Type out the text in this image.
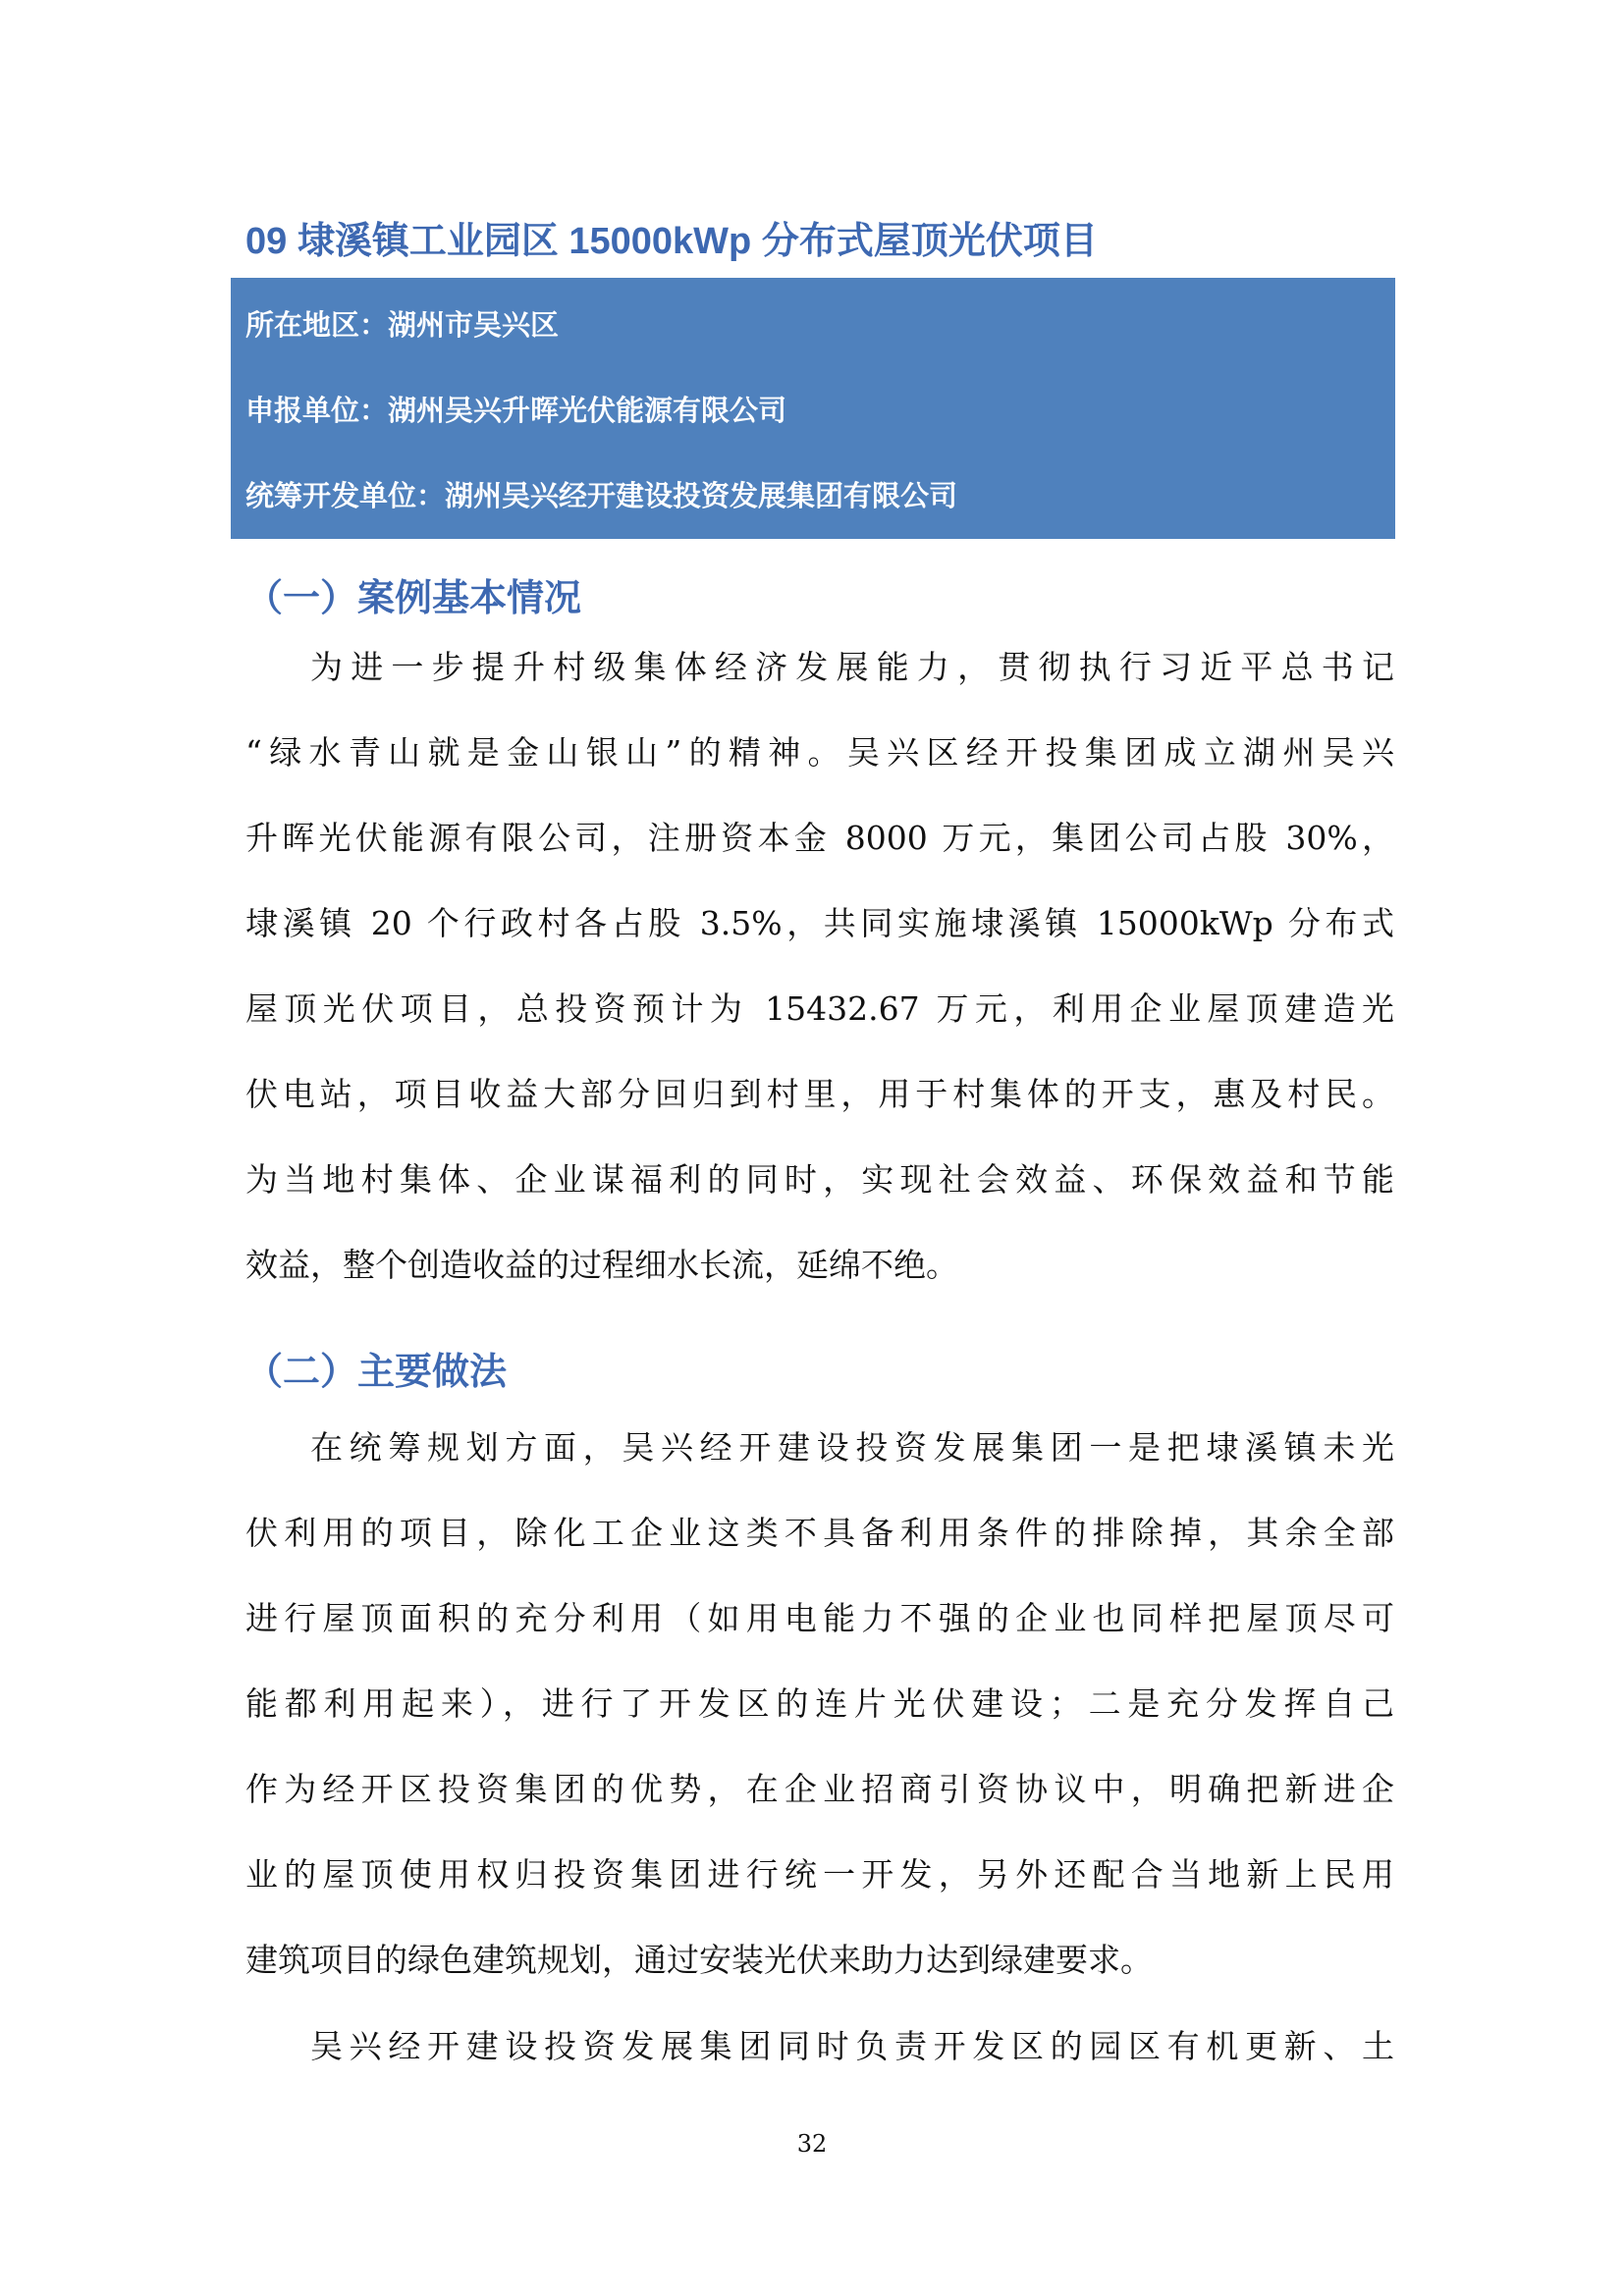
09 埭溪镇工业园区 15000kWp 分布式屋顶光伏项目
所在地区：湖州市吴兴区
申报单位：湖州吴兴升晖光伏能源有限公司
统筹开发单位：湖州吴兴经开建设投资发展集团有限公司
（一）案例基本情况
为进一步提升村级集体经济发展能力，贯彻执行习近平总书记
“绿水青山就是金山银山”的精神。吴兴区经开投集团成立湖州吴兴
升晖光伏能源有限公司，注册资本金 8000 万元，集团公司占股 30%，
埭溪镇 20 个行政村各占股 3.5%，共同实施埭溪镇 15000kWp 分布式
屋顶光伏项目，总投资预计为 15432.67 万元，利用企业屋顶建造光
伏电站，项目收益大部分回归到村里，用于村集体的开支，惠及村民。
为当地村集体、企业谋福利的同时，实现社会效益、环保效益和节能
效益，整个创造收益的过程细水长流，延绵不绝。
（二）主要做法
在统筹规划方面，吴兴经开建设投资发展集团一是把埭溪镇未光
伏利用的项目，除化工企业这类不具备利用条件的排除掉，其余全部
进行屋顶面积的充分利用（如用电能力不强的企业也同样把屋顶尽可
能都利用起来），进行了开发区的连片光伏建设；二是充分发挥自己
作为经开区投资集团的优势，在企业招商引资协议中，明确把新进企
业的屋顶使用权归投资集团进行统一开发，另外还配合当地新上民用
建筑项目的绿色建筑规划，通过安装光伏来助力达到绿建要求。
吴兴经开建设投资发展集团同时负责开发区的园区有机更新、土
32
